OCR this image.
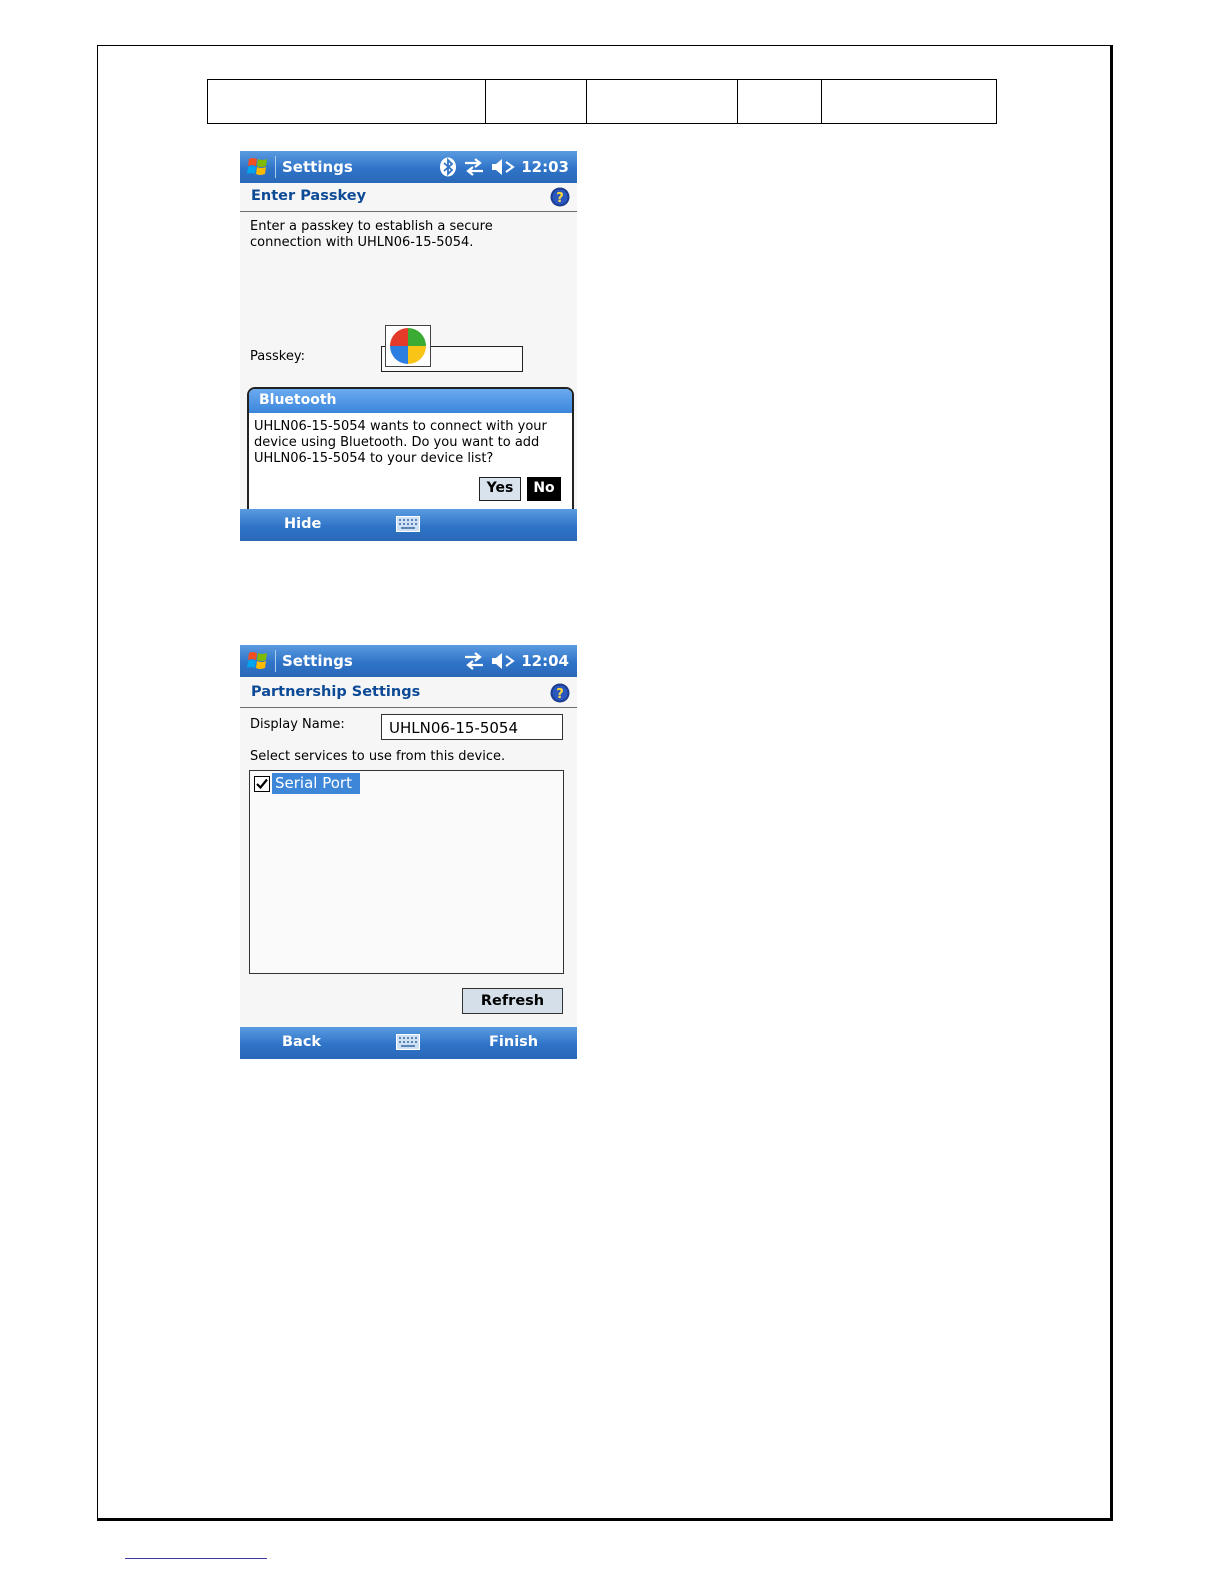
Settings	12:03
Enter Passkey	?
Enter a passkey to establish a secure
connection with UHLN06-15-5054.
Passkey:
Bluetooth
UHLN06-15-5054 wants to connect with your
device using Bluetooth. Do you want to add
UHLN06-15-5054 to your device list?
Yes	No
Hide
Settings	12:04
Partnership Settings	?
Display Name:	UHLN06-15-5054
Select services to use from this device.
Serial Port
Refresh
Back	Finish
